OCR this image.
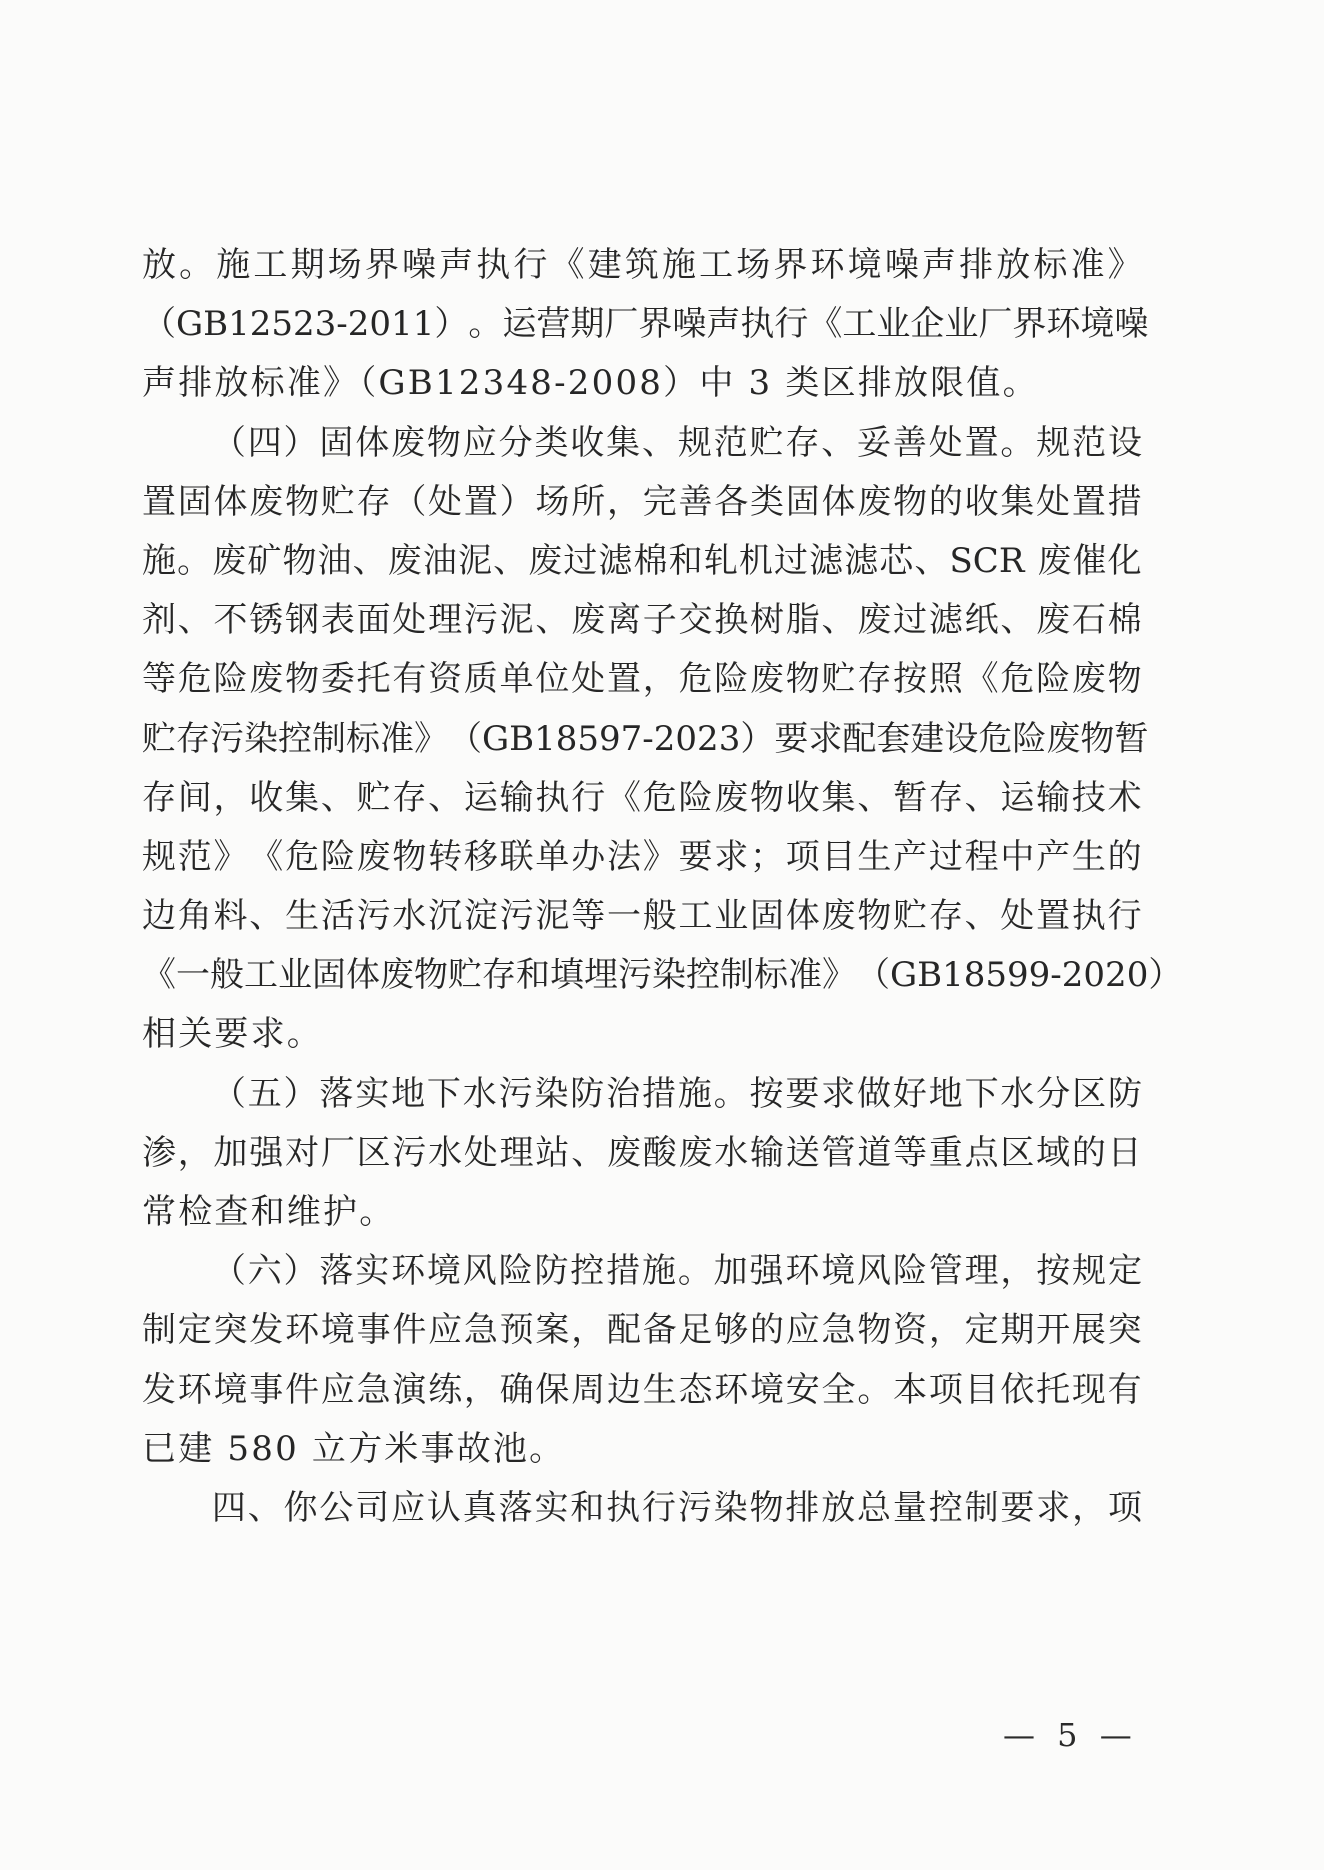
放 。 施 工 期 场 界 噪 声 执 行 《 建 筑 施 工 场 界 环 境 噪 声 排 放 标 准 》
（ GB12523-2011 ） 。 运 营 期 厂 界 噪 声 执 行 《 工 业 企 业 厂 界 环 境 噪
声排放标准》（GB12348-2008）中 3 类区排放限值。

（ 四 ） 固 体 废 物 应 分 类 收 集 、 规 范 贮 存 、 妥 善 处 置 。 规 范 设
置 固 体 废 物 贮 存 （ 处 置 ） 场 所 ， 完 善 各 类 固 体 废 物 的 收 集 处 置 措
施 。 废 矿 物 油 、 废 油 泥 、 废 过 滤 棉 和 轧 机 过 滤 滤 芯 、 SCR
废 催 化
剂 、 不 锈 钢 表 面 处 理 污 泥 、 废 离 子 交 换 树 脂 、 废 过 滤 纸 、 废 石 棉
等 危 险 废 物 委 托 有 资 质 单 位 处 置 ， 危 险 废 物 贮 存 按 照 《 危 险 废 物
贮 存 污 染 控 制 标 准 》 （ GB18597-2023 ） 要 求 配 套 建 设 危 险 废 物 暂
存 间 ， 收 集 、 贮 存 、 运 输 执 行 《 危 险 废 物 收 集 、 暂 存 、 运 输 技 术
规 范 》 《 危 险 废 物 转 移 联 单 办 法 》 要 求 ； 项 目 生 产 过 程 中 产 生 的
边 角 料 、 生 活 污 水 沉 淀 污 泥 等 一 般 工 业 固 体 废 物 贮 存 、 处 置 执 行
《 一 般 工 业 固 体 废 物 贮 存 和 填 埋 污 染 控 制 标 准 》 （ GB18599-2020 ）
相关要求。

（ 五 ） 落 实 地 下 水 污 染 防 治 措 施 。 按 要 求 做 好 地 下 水 分 区 防
渗 ， 加 强 对 厂 区 污 水 处 理 站 、 废 酸 废 水 输 送 管 道 等 重 点 区 域 的 日
常检查和维护。

（ 六 ） 落 实 环 境 风 险 防 控 措 施 。 加 强 环 境 风 险 管 理 ， 按 规 定
制 定 突 发 环 境 事 件 应 急 预 案 ， 配 备 足 够 的 应 急 物 资 ， 定 期 开 展 突
发 环 境 事 件 应 急 演 练 ， 确 保 周 边 生 态 环 境 安 全 。 本 项 目 依 托 现 有
已建 580 立方米事故池。

四 、 你 公 司 应 认 真 落 实 和 执 行 污 染 物 排 放 总 量 控 制 要 求 ， 项
— 5 —
